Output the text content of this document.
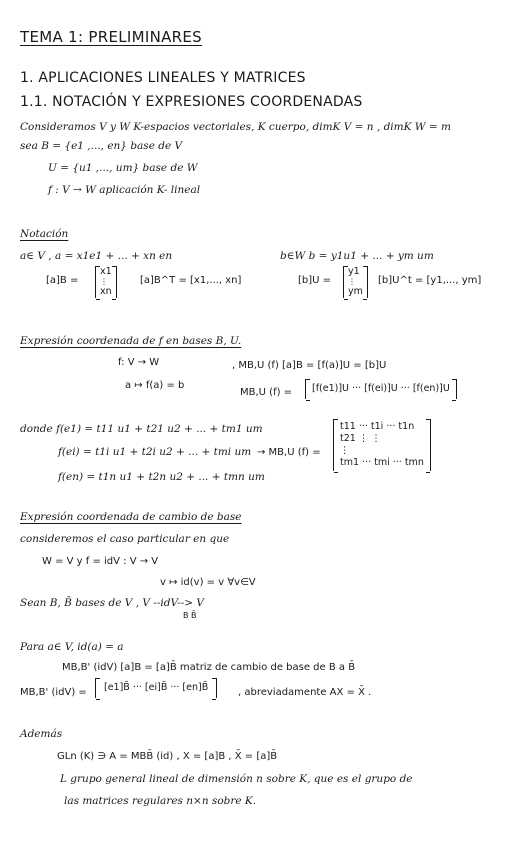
TEMA 1: PRELIMINARES
1. APLICACIONES LINEALES Y MATRICES
1.1. NOTACIÓN Y EXPRESIONES COORDENADAS
Consideramos V y W K-espacios vectoriales, K cuerpo, dimK V = n , dimK W = m
sea B = {e1 ,..., en} base de V
U = {u1 ,..., um} base de W
f : V → W aplicación K- lineal
Notación
a∈ V , a = x1e1 + ... + xn en
[a]B =
x1
⋮
xn
[a]B^T = [x1,..., xn]
b∈W b = y1u1 + ... + ym um
[b]U =
y1
⋮
ym
[b]U^t = [y1,..., ym]
Expresión coordenada de f en bases B, U.
f: V → W
a ↦ f(a) = b
, MB,U (f) [a]B = [f(a)]U = [b]U
MB,U (f) = [f(e1)]U ··· [f(ei)]U ··· [f(en)]U
donde f(e1) = t11 u1 + t21 u2 + ... + tm1 um
f(ei) = t1i u1 + t2i u2 + ... + tmi um
f(en) = t1n u1 + t2n u2 + ... + tmn um
→ MB,U (f) =
t11 ··· t1i ··· t1n
t21 ⋮ ⋮
⋮
tm1 ··· tmi ··· tmn
Expresión coordenada de cambio de base
consideremos el caso particular en que
W = V y f = idV : V → V
v ↦ id(v) = v ∀v∈V
Sean B, B̄ bases de V , V --idV--> V
B B̄
Para a∈ V, id(a) = a
MB,B' (idV) [a]B = [a]B̄ matriz de cambio de base de B a B̄
MB,B' (idV) = [e1]B̄ ··· [ei]B̄ ··· [en]B̄	, abreviadamente AX = X̄ .
Además
GLn (K) ∋ A = MBB̄ (id) , X = [a]B , X̄ = [a]B̄
L grupo general lineal de dimensión n sobre K, que es el grupo de
las matrices regulares n×n sobre K.
